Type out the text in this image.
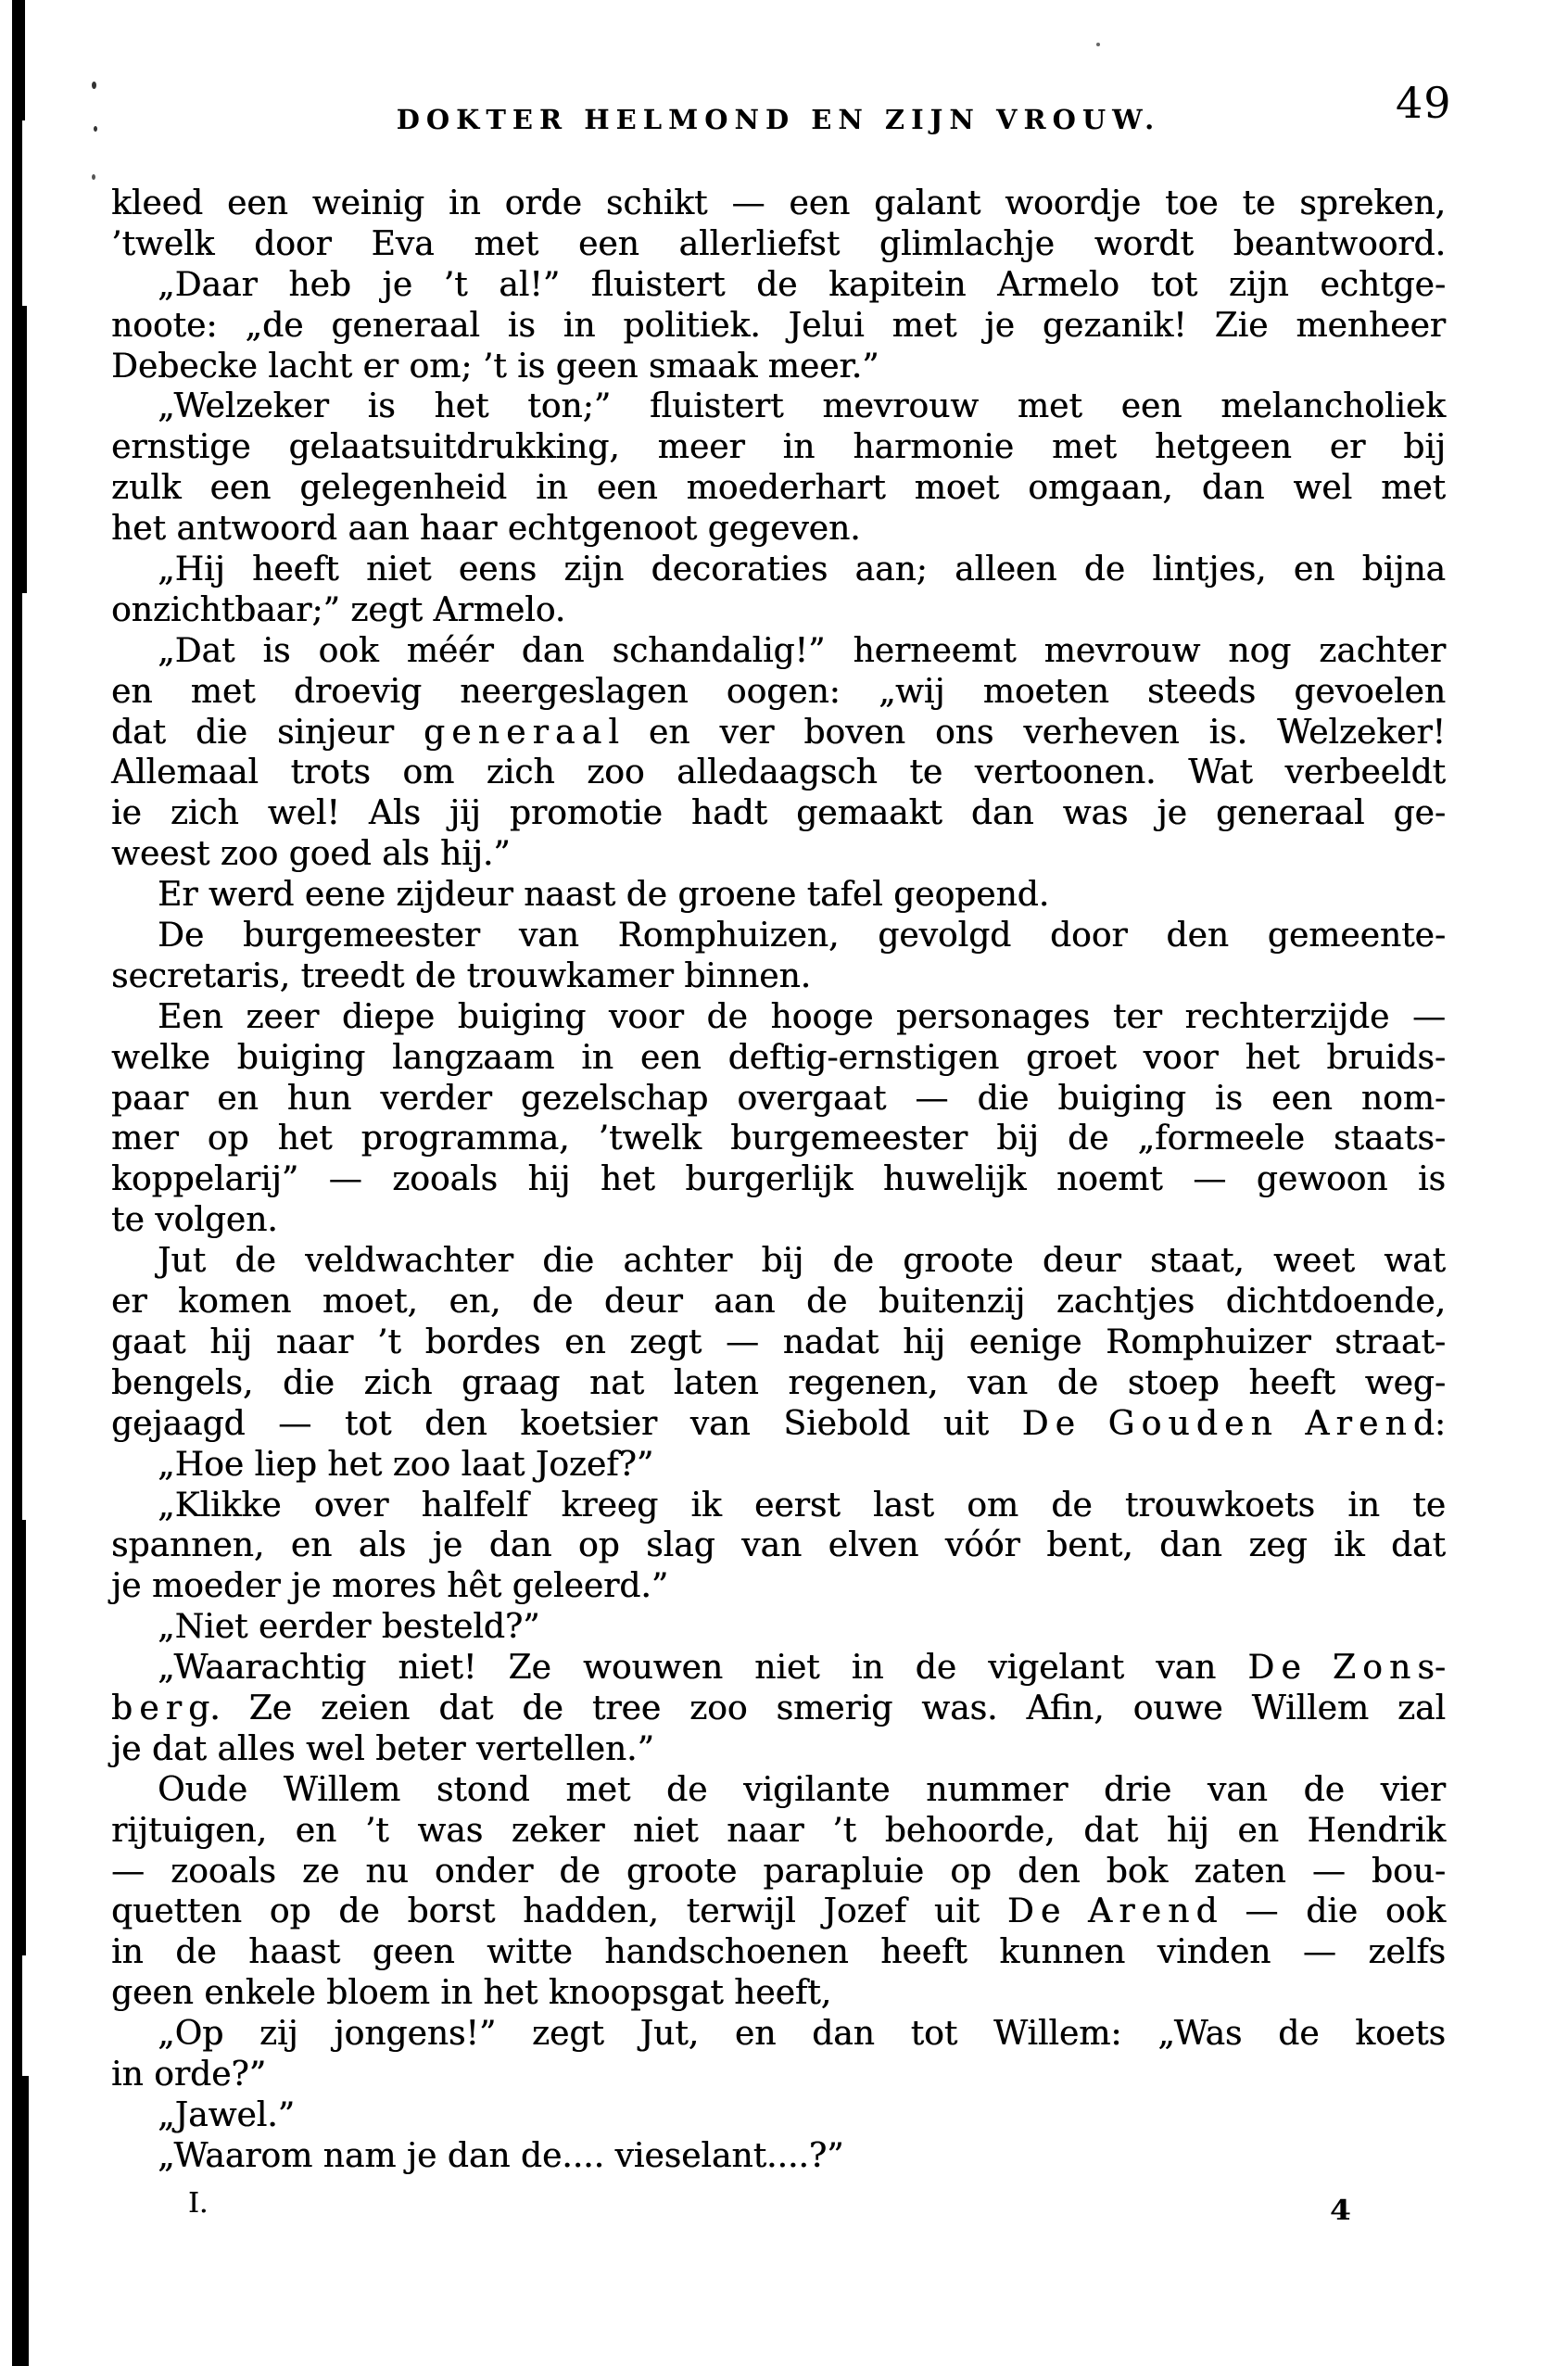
DOKTER HELMOND EN ZIJN VROUW.	49
kleed een weinig in orde schikt — een galant woordje toe te spreken,
’twelk door Eva met een allerliefst glimlachje wordt beantwoord.
„Daar heb je ’t al!” fluistert de kapitein Armelo tot zijn echtge-
noote: „de generaal is in politiek. Jelui met je gezanik! Zie menheer
Debecke lacht er om; ’t is geen smaak meer.”
„Welzeker is het ton;” fluistert mevrouw met een melancholiek
ernstige gelaatsuitdrukking, meer in harmonie met hetgeen er bij
zulk een gelegenheid in een moederhart moet omgaan, dan wel met
het antwoord aan haar echtgenoot gegeven.
„Hij heeft niet eens zijn decoraties aan; alleen de lintjes, en bijna
onzichtbaar;” zegt Armelo.
„Dat is ook méér dan schandalig!” herneemt mevrouw nog zachter
en met droevig neergeslagen oogen: „wij moeten steeds gevoelen
dat die sinjeur g e n e r a a l en ver boven ons verheven is. Welzeker!
Allemaal trots om zich zoo alledaagsch te vertoonen. Wat verbeeldt
ie zich wel! Als jij promotie hadt gemaakt dan was je generaal ge-
weest zoo goed als hij.”
Er werd eene zijdeur naast de groene tafel geopend.
De burgemeester van Romphuizen, gevolgd door den gemeente-
secretaris, treedt de trouwkamer binnen.
Een zeer diepe buiging voor de hooge personages ter rechterzijde —
welke buiging langzaam in een deftig-ernstigen groet voor het bruids-
paar en hun verder gezelschap overgaat — die buiging is een nom-
mer op het programma, ’twelk burgemeester bij de „formeele staats-
koppelarij” — zooals hij het burgerlijk huwelijk noemt — gewoon is
te volgen.
Jut de veldwachter die achter bij de groote deur staat, weet wat
er komen moet, en, de deur aan de buitenzij zachtjes dichtdoende,
gaat hij naar ’t bordes en zegt — nadat hij eenige Romphuizer straat-
bengels, die zich graag nat laten regenen, van de stoep heeft weg-
gejaagd — tot den koetsier van Siebold uit D e G o u d e n A r e n d:
„Hoe liep het zoo laat Jozef?”
„Klikke over halfelf kreeg ik eerst last om de trouwkoets in te
spannen, en als je dan op slag van elven vóór bent, dan zeg ik dat
je moeder je mores hêt geleerd.”
„Niet eerder besteld?”
„Waarachtig niet! Ze wouwen niet in de vigelant van D e Z o n s-
b e r g. Ze zeien dat de tree zoo smerig was. Afin, ouwe Willem zal
je dat alles wel beter vertellen.”
Oude Willem stond met de vigilante nummer drie van de vier
rijtuigen, en ’t was zeker niet naar ’t behoorde, dat hij en Hendrik
— zooals ze nu onder de groote parapluie op den bok zaten — bou-
quetten op de borst hadden, terwijl Jozef uit D e A r e n d — die ook
in de haast geen witte handschoenen heeft kunnen vinden — zelfs
geen enkele bloem in het knoopsgat heeft,
„Op zij jongens!” zegt Jut, en dan tot Willem: „Was de koets
in orde?”
„Jawel.”
„Waarom nam je dan de.... vieselant....?”
I.	4
